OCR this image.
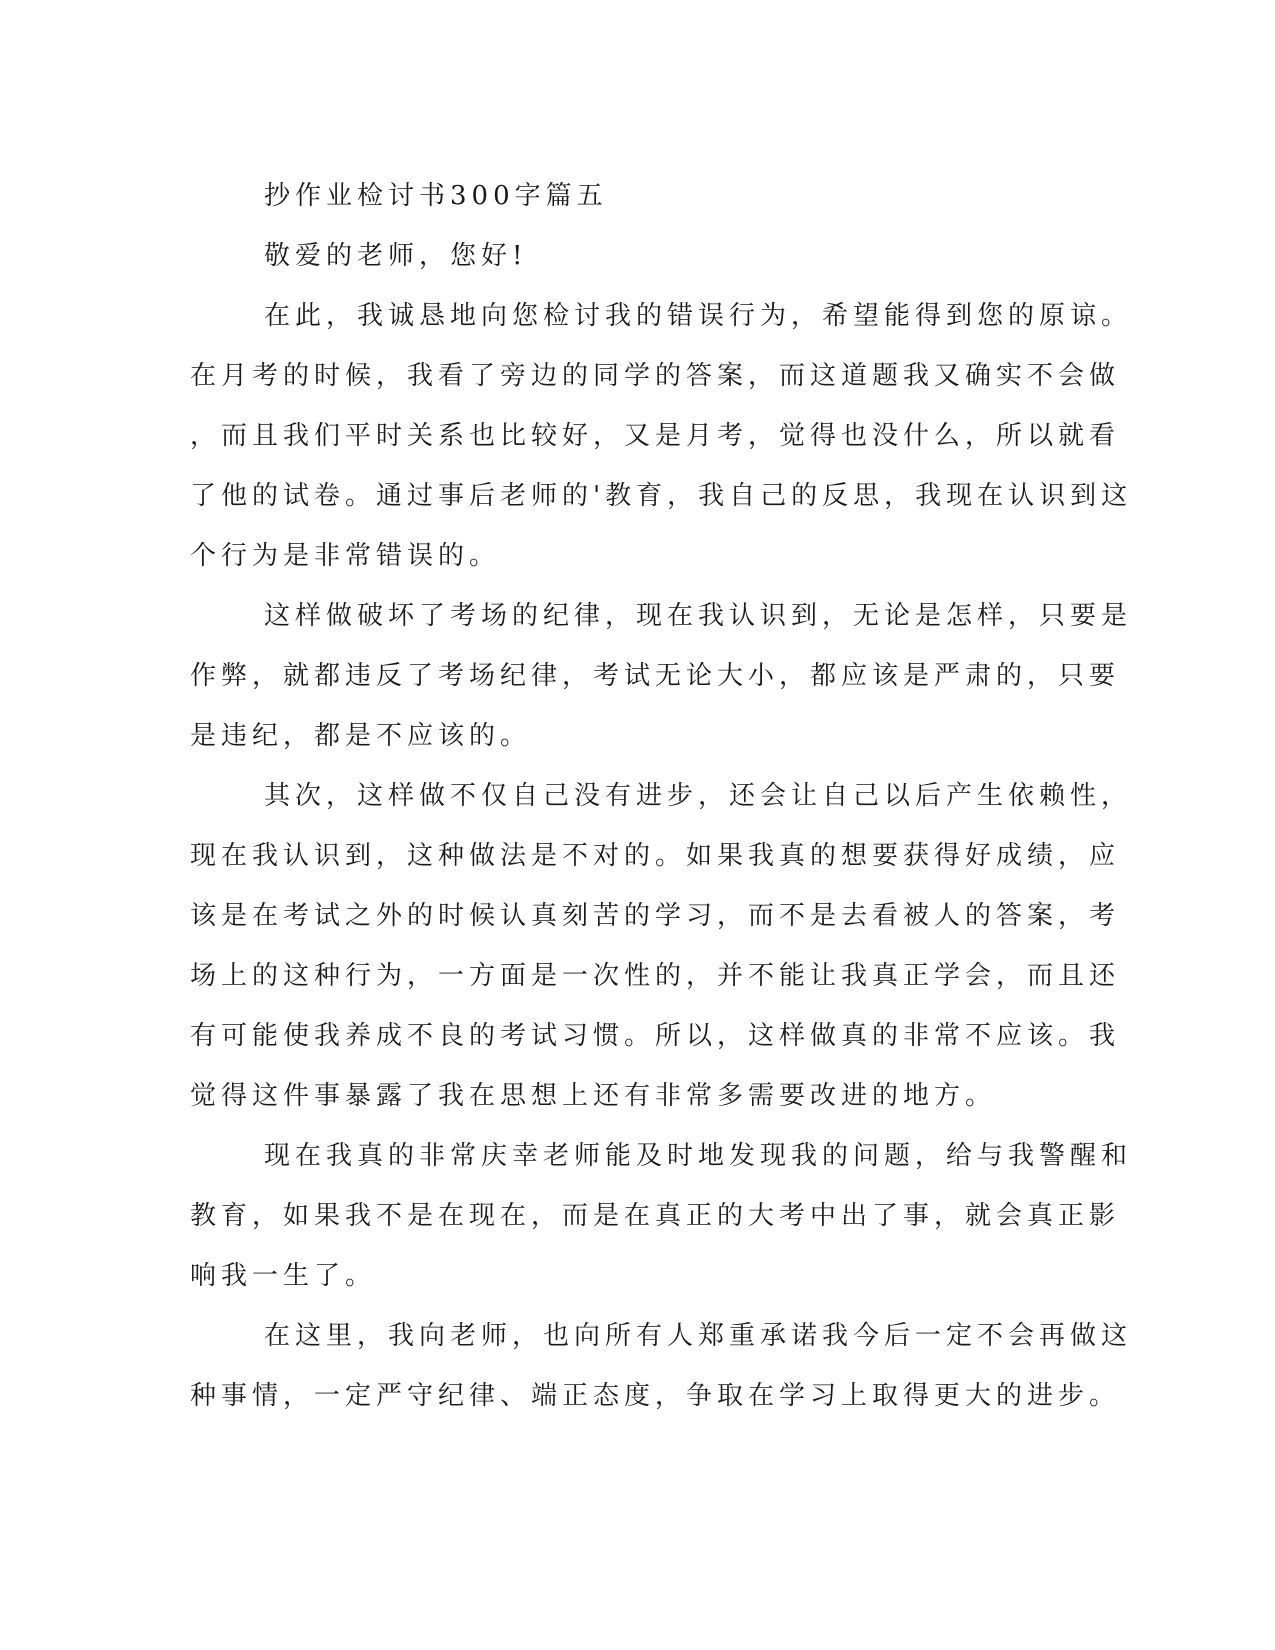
抄作业检讨书300字篇五

敬爱的老师，您好!

在此，我诚恳地向您检讨我的错误行为，希望能得到您的原谅。

在月考的时候，我看了旁边的同学的答案，而这道题我又确实不会做

，而且我们平时关系也比较好，又是月考，觉得也没什么，所以就看

了他的试卷。通过事后老师的'教育，我自己的反思，我现在认识到这

个行为是非常错误的。

这样做破坏了考场的纪律，现在我认识到，无论是怎样，只要是

作弊，就都违反了考场纪律，考试无论大小，都应该是严肃的，只要

是违纪，都是不应该的。

其次，这样做不仅自己没有进步，还会让自己以后产生依赖性，

现在我认识到，这种做法是不对的。如果我真的想要获得好成绩，应

该是在考试之外的时候认真刻苦的学习，而不是去看被人的答案，考

场上的这种行为，一方面是一次性的，并不能让我真正学会，而且还

有可能使我养成不良的考试习惯。所以，这样做真的非常不应该。我

觉得这件事暴露了我在思想上还有非常多需要改进的地方。

现在我真的非常庆幸老师能及时地发现我的问题，给与我警醒和

教育，如果我不是在现在，而是在真正的大考中出了事，就会真正影

响我一生了。

在这里，我向老师，也向所有人郑重承诺我今后一定不会再做这

种事情，一定严守纪律、端正态度，争取在学习上取得更大的进步。
